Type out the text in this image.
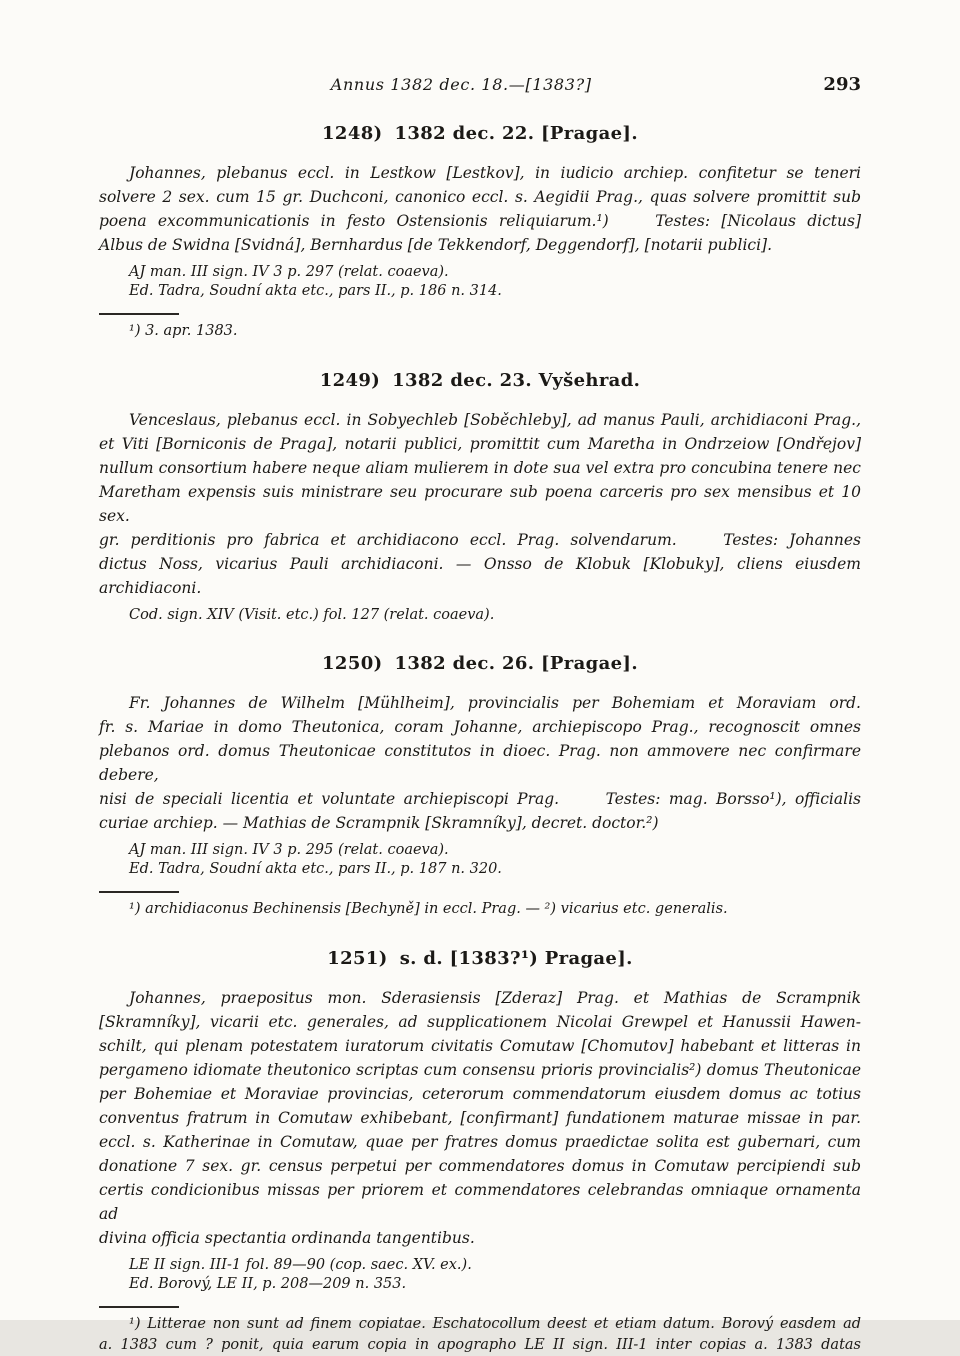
Annus 1382 dec. 18.—[1383?]	293
1248) 1382 dec. 22. [Pragae].
Johannes, plebanus eccl. in Lestkow [Lestkov], in iudicio archiep. confitetur se teneri
solvere 2 sex. cum 15 gr. Duchconi, canonico eccl. s. Aegidii Prag., quas solvere promittit sub
poena excommunicationis in festo Ostensionis reliquiarum.¹)   Testes: [Nicolaus dictus]
Albus de Swidna [Svidná], Bernhardus [de Tekkendorf, Deggendorf], [notarii publici].
AJ man. III sign. IV 3 p. 297 (relat. coaeva).
Ed. Tadra, Soudní akta etc., pars II., p. 186 n. 314.
¹) 3. apr. 1383.
1249) 1382 dec. 23. Vyšehrad.
Venceslaus, plebanus eccl. in Sobyechleb [Soběchleby], ad manus Pauli, archidiaconi Prag.,
et Viti [Borniconis de Praga], notarii publici, promittit cum Maretha in Ondrzeiow [Ondřejov]
nullum consortium habere neque aliam mulierem in dote sua vel extra pro concubina tenere nec
Maretham expensis suis ministrare seu procurare sub poena carceris pro sex mensibus et 10 sex.
gr. perditionis pro fabrica et archidiacono eccl. Prag. solvendarum.   Testes: Johannes
dictus Noss, vicarius Pauli archidiaconi. — Onsso de Klobuk [Klobuky], cliens eiusdem
archidiaconi.
Cod. sign. XIV (Visit. etc.) fol. 127 (relat. coaeva).
1250) 1382 dec. 26. [Pragae].
Fr. Johannes de Wilhelm [Mühlheim], provincialis per Bohemiam et Moraviam ord.
fr. s. Mariae in domo Theutonica, coram Johanne, archiepiscopo Prag., recognoscit omnes
plebanos ord. domus Theutonicae constitutos in dioec. Prag. non ammovere nec confirmare debere,
nisi de speciali licentia et voluntate archiepiscopi Prag.   Testes: mag. Borsso¹), officialis
curiae archiep. — Mathias de Scrampnik [Skramníky], decret. doctor.²)
AJ man. III sign. IV 3 p. 295 (relat. coaeva).
Ed. Tadra, Soudní akta etc., pars II., p. 187 n. 320.
¹) archidiaconus Bechinensis [Bechyně] in eccl. Prag. — ²) vicarius etc. generalis.
1251) s. d. [1383?¹) Pragae].
Johannes, praepositus mon. Sderasiensis [Zderaz] Prag. et Mathias de Scrampnik
[Skramníky], vicarii etc. generales, ad supplicationem Nicolai Grewpel et Hanussii Hawen-
schilt, qui plenam potestatem iuratorum civitatis Comutaw [Chomutov] habebant et litteras in
pergameno idiomate theutonico scriptas cum consensu prioris provincialis²) domus Theutonicae
per Bohemiae et Moraviae provincias, ceterorum commendatorum eiusdem domus ac totius
conventus fratrum in Comutaw exhibebant, [confirmant] fundationem maturae missae in par.
eccl. s. Katherinae in Comutaw, quae per fratres domus praedictae solita est gubernari, cum
donatione 7 sex. gr. census perpetui per commendatores domus in Comutaw percipiendi sub
certis condicionibus missas per priorem et commendatores celebrandas omniaque ornamenta ad
divina officia spectantia ordinanda tangentibus.
LE II sign. III-1 fol. 89—90 (cop. saec. XV. ex.).
Ed. Borový, LE II, p. 208—209 n. 353.
¹) Litterae non sunt ad finem copiatae. Eschatocollum deest et etiam datum. Borový easdem ad
a. 1383 cum ? ponit, quia earum copia in apographo LE II sign. III-1 inter copias a. 1383 datas
